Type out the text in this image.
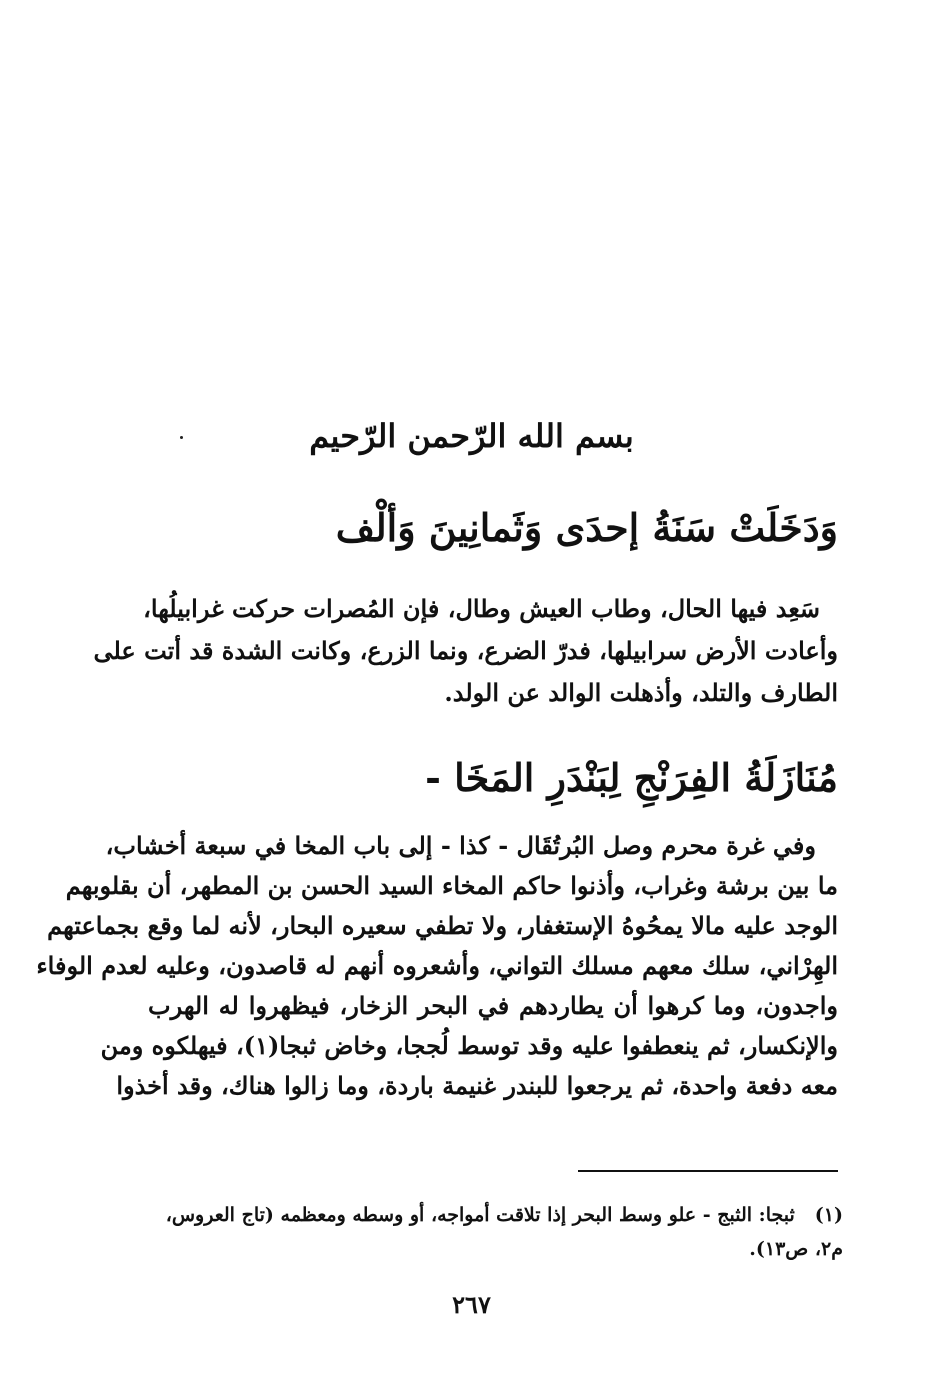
بسم الله الرّحمن الرّحيم
وَدَخَلَتْ سَنَةُ إحدَى وَثَمانِينَ وَألْف
سَعِد فيها الحال، وطاب العيش وطال، فإن المُصرات حركت غرابيلُها،
وأعادت الأرض سرابيلها، فدرّ الضرع، ونما الزرع، وكانت الشدة قد أتت على
الطارف والتلد، وأذهلت الوالد عن الولد.
مُنَازَلَةُ الفِرَنْجِ لِبَنْدَرِ المَخَا -
وفي غرة محرم وصل البُرتُقَال - كذا - إلى باب المخا في سبعة أخشاب،
ما بين برشة وغراب، وأذنوا حاكم المخاء السيد الحسن بن المطهر، أن بقلوبهم
الوجد عليه مالا يمحُوهُ الإستغفار، ولا تطفي سعيره البحار، لأنه لما وقع بجماعتهم
الهِرْاني، سلك معهم مسلك التواني، وأشعروه أنهم له قاصدون، وعليه لعدم الوفاء
واجدون، وما كرهوا أن يطاردهم في البحر الزخار، فيظهروا له الهرب
والإنكسار، ثم ينعطفوا عليه وقد توسط لُججا، وخاض ثبجا(١)، فيهلكوه ومن
معه دفعة واحدة، ثم يرجعوا للبندر غنيمة باردة، وما زالوا هناك، وقد أخذوا
(١)ثبجا: الثبج - علو وسط البحر إذا تلاقت أمواجه، أو وسطه ومعظمه (تاج العروس، م٢، ص١٣).
٢٦٧
